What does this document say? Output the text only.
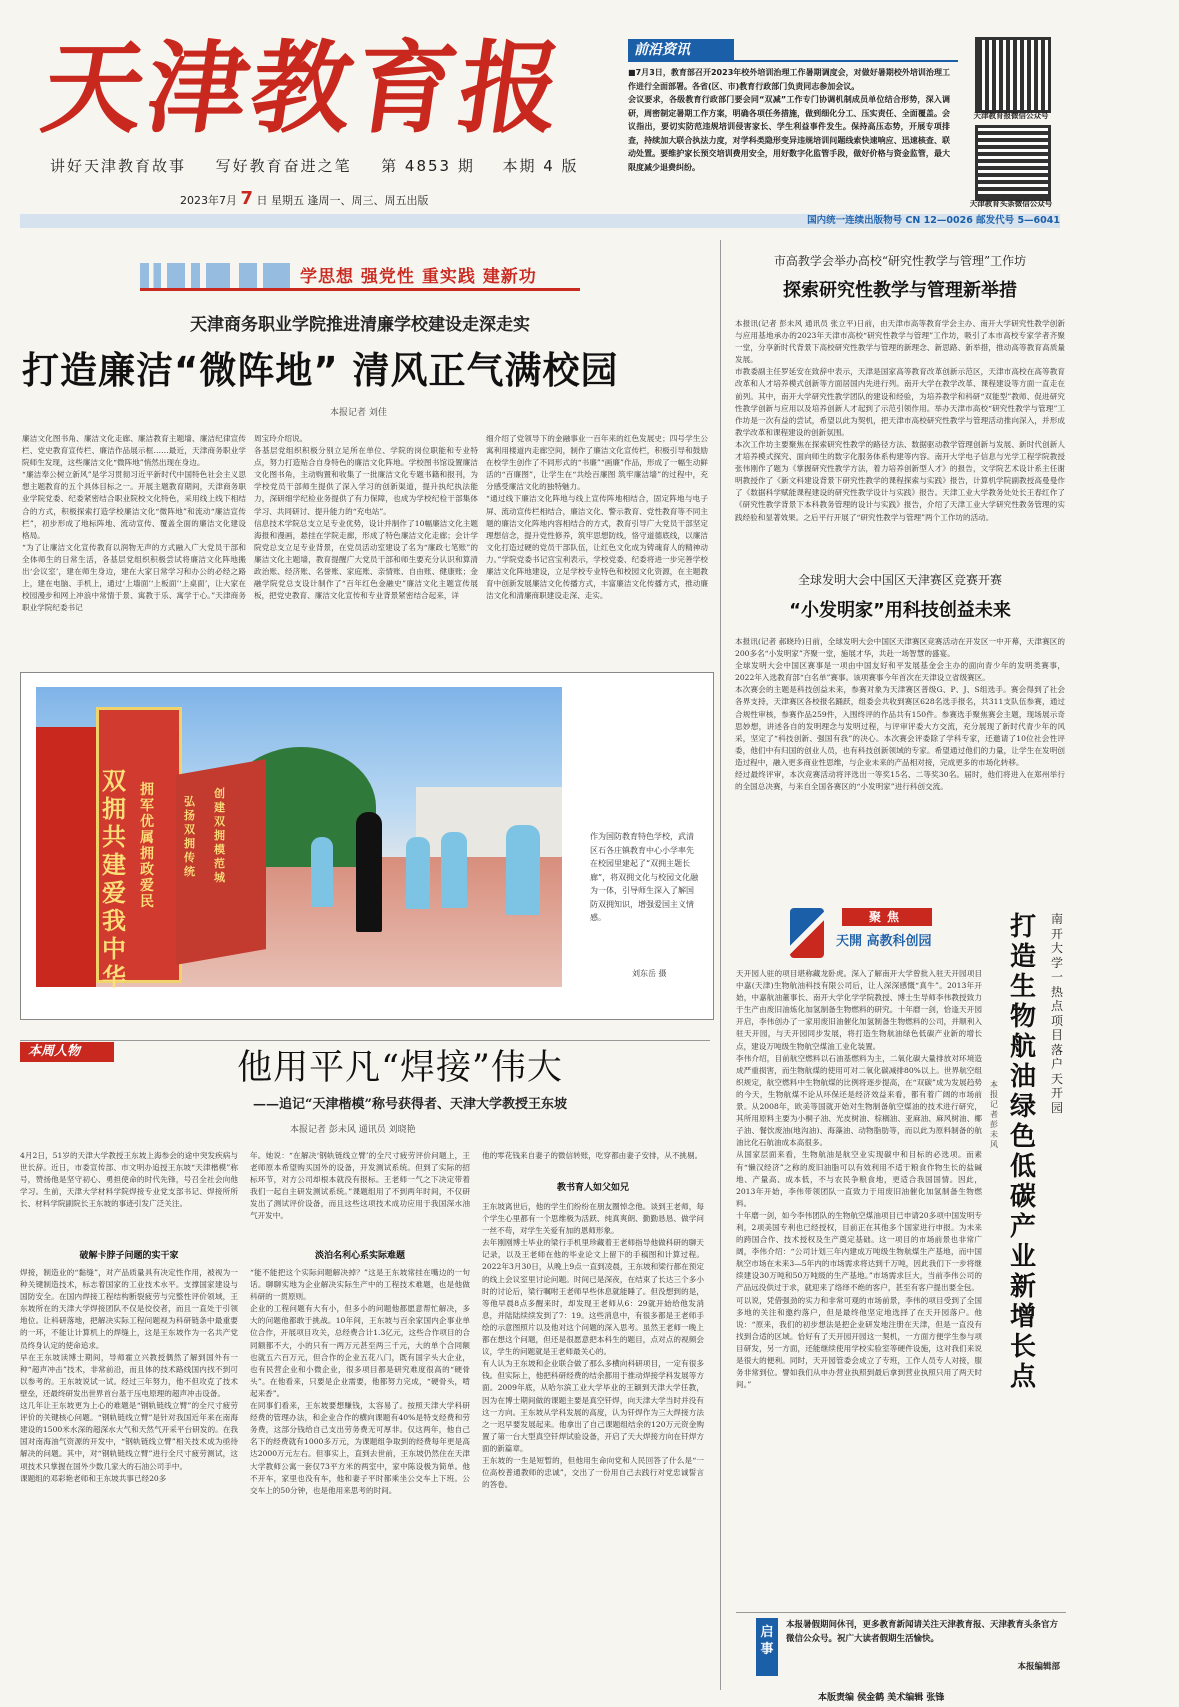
天津教育报
讲好天津教育故事 写好教育奋进之笔 第 4853 期 本期 4 版
2023年7月 7 日 星期五 逢周一、周三、周五出版
前沿资讯
■7月3日，教育部召开2023年校外培训治理工作暑期调度会，对做好暑期校外培训治理工作进行全面部署。各省(区、市)教育行政部门负责同志参加会议。
会议要求，各级教育行政部门要会同“双减”工作专门协调机制成员单位结合形势，深入调研，周密制定暑期工作方案，明确各项任务措施，做到细化分工、压实责任、全面覆盖。会议指出，要切实防范违规培训侵害家长、学生利益事件发生。保持高压态势，开展专项排查，持续加大联合执法力度，对学科类隐形变异违规培训问题线索快速响应、迅速核查、联动处置。要维护家长预交培训费用安全，用好数字化监管手段，做好价格与资金监管，最大限度减少退费纠纷。
天津教育报微信公众号
天津教育头条微信公众号
国内统一连续出版物号 CN 12—0026 邮发代号 5—6041
学思想 强党性 重实践 建新功
天津商务职业学院推进清廉学校建设走深走实
打造廉洁“微阵地” 清风正气满校园
本报记者 刘佳
廉洁文化图书角、廉洁文化走廊、廉洁教育主题墙、廉洁纪律宣传栏、党史教育宣传栏、廉洁作品展示框……最近，天津商务职业学院师生发现，这些廉洁文化“微阵地”悄然出现在身边。
“廉洁奉公树立新风”是学习贯彻习近平新时代中国特色社会主义思想主题教育的五个具体目标之一。开展主题教育期间，天津商务职业学院党委、纪委紧密结合职业院校文化特色，采用线上线下相结合的方式，积极探索打造学校廉洁文化“微阵地”和流动“廉洁宣传栏”，初步形成了地标阵地、流动宣传、覆盖全面的廉洁文化建设格局。
“为了让廉洁文化宣传教育以润物无声的方式融入广大党员干部和全体师生的日常生活，各基层党组织积极尝试将廉洁文化阵地搬出‘会议室’，建在师生身边，建在大家日常学习和办公的必经之路上，建在电脑、手机上，通过‘上墙面’‘上板面’‘上桌面’，让大家在校园漫步和网上冲浪中常情于景、寓教于乐、寓学于心。”天津商务职业学院纪委书记
周宝玲介绍说。
各基层党组织积极分别立足所在单位、学院的岗位职能和专业特点，努力打造贴合自身特色的廉洁文化阵地。学校图书馆设置廉洁文化图书角，主动购置和收集了一批廉洁文化专题书籍和报刊，为学校党员干部师生提供了深入学习的创新渠道，提升执纪执法能力，深研细学纪检业务提供了有力保障，也成为学校纪检干部集体学习、共同研讨、提升能力的“充电站”。
信息技术学院总支立足专业优势，设计并制作了10幅廉洁文化主题海报和漫画，悬挂在学院走廊，形成了特色廉洁文化走廊；会计学院党总支立足专业背景，在党员活动室建设了名为“廉政七笔账”的廉洁文化主题墙，教育提醒广大党员干部和师生要充分认识和算清政治账、经济账、名誉账、家庭账、亲情账、自由账、健康账；金融学院党总支设计制作了“百年红色金融史”廉洁文化主题宣传展板，把党史教育、廉洁文化宣传和专业背景紧密结合起来，详
细介绍了党领导下的金融事业一百年来的红色发展史；四号学生公寓利用楼道内走廊空间，制作了廉洁文化宣传栏，积极引导和鼓励在校学生创作了不同形式的“书廉”“画廉”作品，形成了一幅生动鲜活的“百廉图”，让学生在“共绘百廉图 筑牢廉洁墙”的过程中，充分感受廉洁文化的独特魅力。
“通过线下廉洁文化阵地与线上宣传阵地相结合，固定阵地与电子屏、流动宣传栏相结合，廉洁文化、警示教育、党性教育等不同主题的廉洁文化阵地内容相结合的方式，教育引导广大党员干部坚定理想信念，提升党性修养，筑牢思想防线，恪守道德底线，以廉洁文化打造过硬的党员干部队伍，让红色文化成为铸魂育人的精神动力。”学院党委书记宫宝利表示，学校党委、纪委将进一步完善学校廉洁文化阵地建设，立足学校专业特色和校园文化资源，在主题教育中创新发展廉洁文化传播方式，丰富廉洁文化传播方式，推动廉洁文化和清廉商职建设走深、走实。
双拥共建爱我中华
拥军优属 拥政爱民
弘扬双拥传统
创建双拥模范城
作为国防教育特色学校，武清区石各庄镇教育中心小学率先在校园里建起了“双拥主题长廊”，将双拥文化与校园文化融为一体，引导师生深入了解国防双拥知识，增强爱国主义情感。
刘东岳 摄
市高教学会举办高校“研究性教学与管理”工作坊
探索研究性教学与管理新举措
本报讯(记者 彭未风 通讯员 张立平)日前，由天津市高等教育学会主办、南开大学研究性教学创新与应用基地承办的2023年天津市高校“研究性教学与管理”工作坊，吸引了本市高校专家学者齐聚一堂，分享新时代背景下高校研究性教学与管理的新理念、新思路、新举措，推动高等教育高质量发展。
市教委副主任罗延安在致辞中表示，天津是国家高等教育改革创新示范区，天津市高校在高等教育改革和人才培养模式创新等方面居国内先进行列。南开大学在教学改革、课程建设等方面一直走在前列。其中，南开大学研究性教学团队的建设和经验，为培养教学和科研“双能型”教师、促进研究性教学创新与应用以及培养创新人才起到了示范引领作用。举办天津市高校“研究性教学与管理”工作坊是一次有益的尝试，希望以此为契机，把天津市高校研究性教学与管理活动推向深入，并形成教学改革和课程建设的创新氛围。
本次工作坊主要聚焦在探索研究性教学的路径方法、数据驱动教学管理创新与发展、新时代创新人才培养模式探究、面向师生的数字化服务体系构建等内容。南开大学电子信息与光学工程学院教授张伟刚作了题为《掌握研究性教学方法，着力培养创新型人才》的报告，文学院艺术设计系主任谢明教授作了《新文科建设背景下研究性教学的课程探索与实践》报告，计算机学院副教授高曼曼作了《数据科学赋能课程建设的研究性教学设计与实践》报告。天津工业大学教务处处长王春红作了《研究性教学背景下本科教务管理的设计与实践》报告，介绍了天津工业大学研究性教务管理的实践经验和显著效果。之后平行开展了“研究性教学与管理”两个工作坊的活动。
全球发明大会中国区天津赛区竞赛开赛
“小发明家”用科技创益未来
本报讯(记者 郝晓玲)日前，全球发明大会中国区天津赛区竞赛活动在开发区一中开幕，天津赛区的200多名“小发明家”齐聚一堂，施展才华，共赴一场智慧的盛宴。
全球发明大会中国区赛事是一项由中国友好和平发展基金会主办的面向青少年的发明类赛事，2022年入选教育部“白名单”赛事。该项赛事今年首次在天津设立省级赛区。
本次赛会的主题是科技创益未来，参赛对象为天津赛区普级G、P、J、S组选手。赛会得到了社会各界支持，天津赛区各校报名踊跃，组委会共收到赛区628名选手报名，共311支队伍参赛，通过合规性审核，参赛作品259件，入围终评的作品共有150件。参赛选手聚焦赛会主题，现场展示奇思妙想，讲述各自的发明理念与发明过程，与评审评委大方交流，充分展现了新时代青少年的风采，坚定了“科技创新、强国有我”的决心。本次赛会评委除了学科专家，还邀请了10位社会性评委，他们中有归国的创业人员，也有科技创新领域的专家。希望通过他们的力量，让学生在发明创造过程中，融入更多商业性思维，与企业未来的产品相对接，完成更多的市场化转移。
经过最终评审，本次竞赛活动将评选出一等奖15名、二等奖30名。届时，他们将进入在郑州举行的全国总决赛，与来自全国各赛区的“小发明家”进行科创交流。
本周人物	他用平凡“焊接”伟大
——追记“天津楷模”称号获得者、天津大学教授王东坡
本报记者 彭未风 通讯员 刘晓艳
4月2日，51岁的天津大学教授王东坡上海参会的途中突发疾病与世长辞。近日，市委宣传部、市文明办追授王东坡“天津楷模”称号，赞扬他是坚守初心、勇担使命的时代先锋，号召全社会向他学习。生前，天津大学材料学院焊接专业党支部书记、焊接所所长、材料学院副院长王东坡的事迹引发广泛关注。
破解卡脖子问题的实干家
焊接，制造业的“黏缝”，对产品质量具有决定性作用，被视为一种关键制造技术，标志着国家的工业技术水平。支撑国家建设与国防安全。在国内焊接工程结构断裂疲劳与完整性评价领域，王东坡所在的天津大学焊接团队不仅是佼佼者，而且一直处于引领地位。让科研落地，把解决实际工程问题视为科研链条中最重要的一环，不能让计算机上的焊缝上，这是王东坡作为一名共产党员终身认定的使命追求。
早在王东坡读博士期间，导师霍立兴教授偶然了解到国外有一种“超声冲击”技术，非常前沿，而且体的技术路线国内找不到可以参考的。王东坡说试一试。经过三年努力，他不但攻克了技术壁垒，还最终研发出世界首台基于压电原理的超声冲击设备。
这几年让王东坡更为上心的难题是“钢轨链线立臂”的全尺寸疲劳评价的关键核心问题。“钢轨链线立臂”是针对我国近年来在南海建设的1500米水深的超深水大气和天然气开采平台研发的。在我国对南海油气资源的开发中，“钢轨链线立臂”相关技术成为亟待解决的问题。其中，对“钢轨链线立臂”进行全尺寸疲劳测试，这项技术只掌握在国外少数几家大的石油公司手中。
课题组的邓彩艳老师和王东坡共事已经20多
年。她说：“在解决‘钢轨链线立臂’的全尺寸疲劳评价问题上，王老师原本希望购买国外的设备，开发测试系统。但到了实际的招标环节，对方公司却根本就没有报标。王老师一气之下决定带着我们一起自主研发测试系统。”课题组用了不到两年时间，不仅研发出了测试评价设备，而且这些这项技术成功应用于我国深水油气开发中。
淡泊名利心系实际难题
“能不能把这个实际问题解决掉？”这是王东坡常挂在嘴边的一句话。聊聊实地为企业解决实际生产中的工程技术难题，也是他做科研的一贯原则。
企业的工程问题有大有小，但多小的问题他都愿意帮忙解决，多大的问题他都敢于挑战。10年间，王东坡与百余家国内企事业单位合作，开展项目攻关，总经费合计1.3亿元，这些合作项目的合同额都不大，小的只有一两万元甚至两三千元，大的单个合同额也就五六百万元，但合作的企业五花八门，既有国字头大企业，也有民营企业和小微企业，很多项目都是研究难度很高的“硬骨头”。在他看来，只要是企业需要，他都努力完成，“硬骨头，啃起来香”。
在同事们看来，王东坡要想赚钱，太容易了。按照天津大学科研经费的管理办法，和企业合作的横向课题有40%是特支经费和劳务费，这部分钱给自己支出劳务费无可厚非。仅这两年，他自己名下的经费就有1000多万元，为课题组争取到的经费每年更是高达2000万元左右。但事实上，直到去世前，王东坡仍然住在天津大学教师公寓一套仅73平方米的两室中，家中陈设极为简单。他不开车，家里也没有车，他和妻子平时都乘坐公交车上下班。公交车上的50分钟，也是他用来思考的时间。
他的零花钱来自妻子的微信转账，吃穿都由妻子安排，从不挑剔。
教书育人如父如兄
王东坡离世后，他的学生们纷纷在朋友圈悼念他。谈到王老师，每个学生心里都有一个思维极为活跃、纯真爽朗、勤勤恳恳、做学问一丝不苟，对学生关爱有加的恩师形象。
去年刚刚博士毕业的梁行手机里珍藏着王老师指导他做科研的聊天记录，以及王老师在他的毕业论文上留下的手稿图和计算过程。2022年3月30日，从晚上9点一直到凌晨，王东坡和梁行都在预定的线上会议室里讨论问题。时间已是深夜，在结束了长达三个多小时的讨论后，梁行嘱咐王老师早些休息就能睡了。但没想到的是，等他早晨8点多醒来时，却发现王老师从6：29就开始给他发消息，并陆陆续续发到了7：19。这些消息中，有很多都是王老师手绘的示意图照片以及他对这个问题的深入思考。虽然王老师一晚上都在想这个问题，但还是很愿意把本科生的题目，点对点的视频会议，学生的问题就是王老师最关心的。
有人认为王东坡和企业联合做了那么多横向科研项目，一定有很多钱。但实际上，他把科研经费的结余都用于推动焊接学科发展等方面。2009年底，从哈尔滨工业大学毕业的王颖到天津大学任教，因为在博士期间做的课题主要是真空钎焊，向天津大学当时并没有这一方向。王东坡从学科发展的高度，认为钎焊作为三大焊接方法之一迟早要发展起来。他拿出了自己课题组结余的120万元资金购置了第一台大型真空钎焊试验设备，开启了天大焊接方向在钎焊方面的新篇章。
王东坡的一生是短暂的，但他用生命向党和人民回答了什么是“一位高校普通教师的忠诚”，交出了一份用自己去践行对党忠诚誓言的答卷。
聚焦
天開 高教科创园	打造生物航油绿色低碳产业新增长点
南开大学一热点项目落户天开园
本报记者 彭未风
天开园人驻的项目堪称藏龙卧虎。深入了解南开大学曾批入驻天开园项目中嘉(天津)生物航油科技有限公司后，让人深深感慨“真牛”。2013年开始，中嘉航油董事长、南开大学化学学院教授、博士生导师李伟教授致力于生产由废旧油炼化加氢制备生物燃料的研究。十年磨一剑，恰逢天开园开启，李伟创办了一家用废旧油催化加氢制备生物燃料的公司，并顺利入驻天开园，与天开园同步发展，将打造生物航油绿色低碳产业新的增长点，建设万吨级生物航空煤油工业化装置。
李伟介绍，目前航空燃料以石油基燃料为主，二氧化碳大量排放对环境造成严重损害，而生物航煤的使用可对二氧化碳减排80%以上。世界航空组织规定，航空燃料中生物航煤的比例将逐步提高，在“双碳”成为发展趋势的今天，生物航煤不论从环保还是经济效益来看，都有着广阔的市场前景。从2008年，欧美等国就开始对生物制备航空煤油的技术进行研究，其所用原料主要为小桐子油、光皮树油、棕榈油、亚麻油、麻风树油、椰子油、餐饮废油(地沟油)、海藻油、动物脂肪等，而以此为原料制备的航油比化石航油成本高很多。
从国家层面来看，生物航油是航空业实现碳中和目标的必选项。而素有“懒汉经济”之称的废旧油脂可以有效利用不适于粮食作物生长的盐碱地、产量高、成本低，不与农民争粮食地，更适合我国国情。因此，2013年开始，李伟带领团队一直致力于用废旧油催化加氢制备生物燃料。
十年磨一剑，如今李伟团队的生物航空煤油项目已申请20多项中国发明专利，2项美国专利也已经授权，目前正在其他多个国家进行申报。为未来的跨国合作、技术授权及生产奠定基础。这一项目的市场前景也非常广阔，李伟介绍：“公司计划三年内建成万吨级生物航煤生产基地，而中国航空市场在未来3—5年内的市场需求将达到千万吨，因此我们下一步将继续建设30万吨和50万吨级的生产基地。”市场需求巨大，当前李伟公司的产品远没供过于求，就迎来了络绎不绝的客户，甚至有客户提出要全包。
可以说，凭借强劲的实力和非常可观的市场前景，李伟的项目受到了全国多地的关注和邀约落户，但是最终他坚定地选择了在天开园落户。他说：“原来，我们的初步想法是把企业研发地注册在天津，但是一直没有找到合适的区域。恰好有了天开园开园这一契机，一方面方便学生参与项目研发，另一方面，还能继续使用学校实验室等硬件设施，这对我们来说是很大的便利。同时，天开园管委会成立了专班，工作人员专人对接，服务非常到位。譬如我们从申办营业执照到最后拿到营业执照只用了两天时间。”
启事
本报暑假期间休刊，更多教育新闻请关注天津教育报、天津教育头条官方微信公众号。祝广大读者假期生活愉快。
本报编辑部
本版责编 侯金鹤 美术编辑 张锋
